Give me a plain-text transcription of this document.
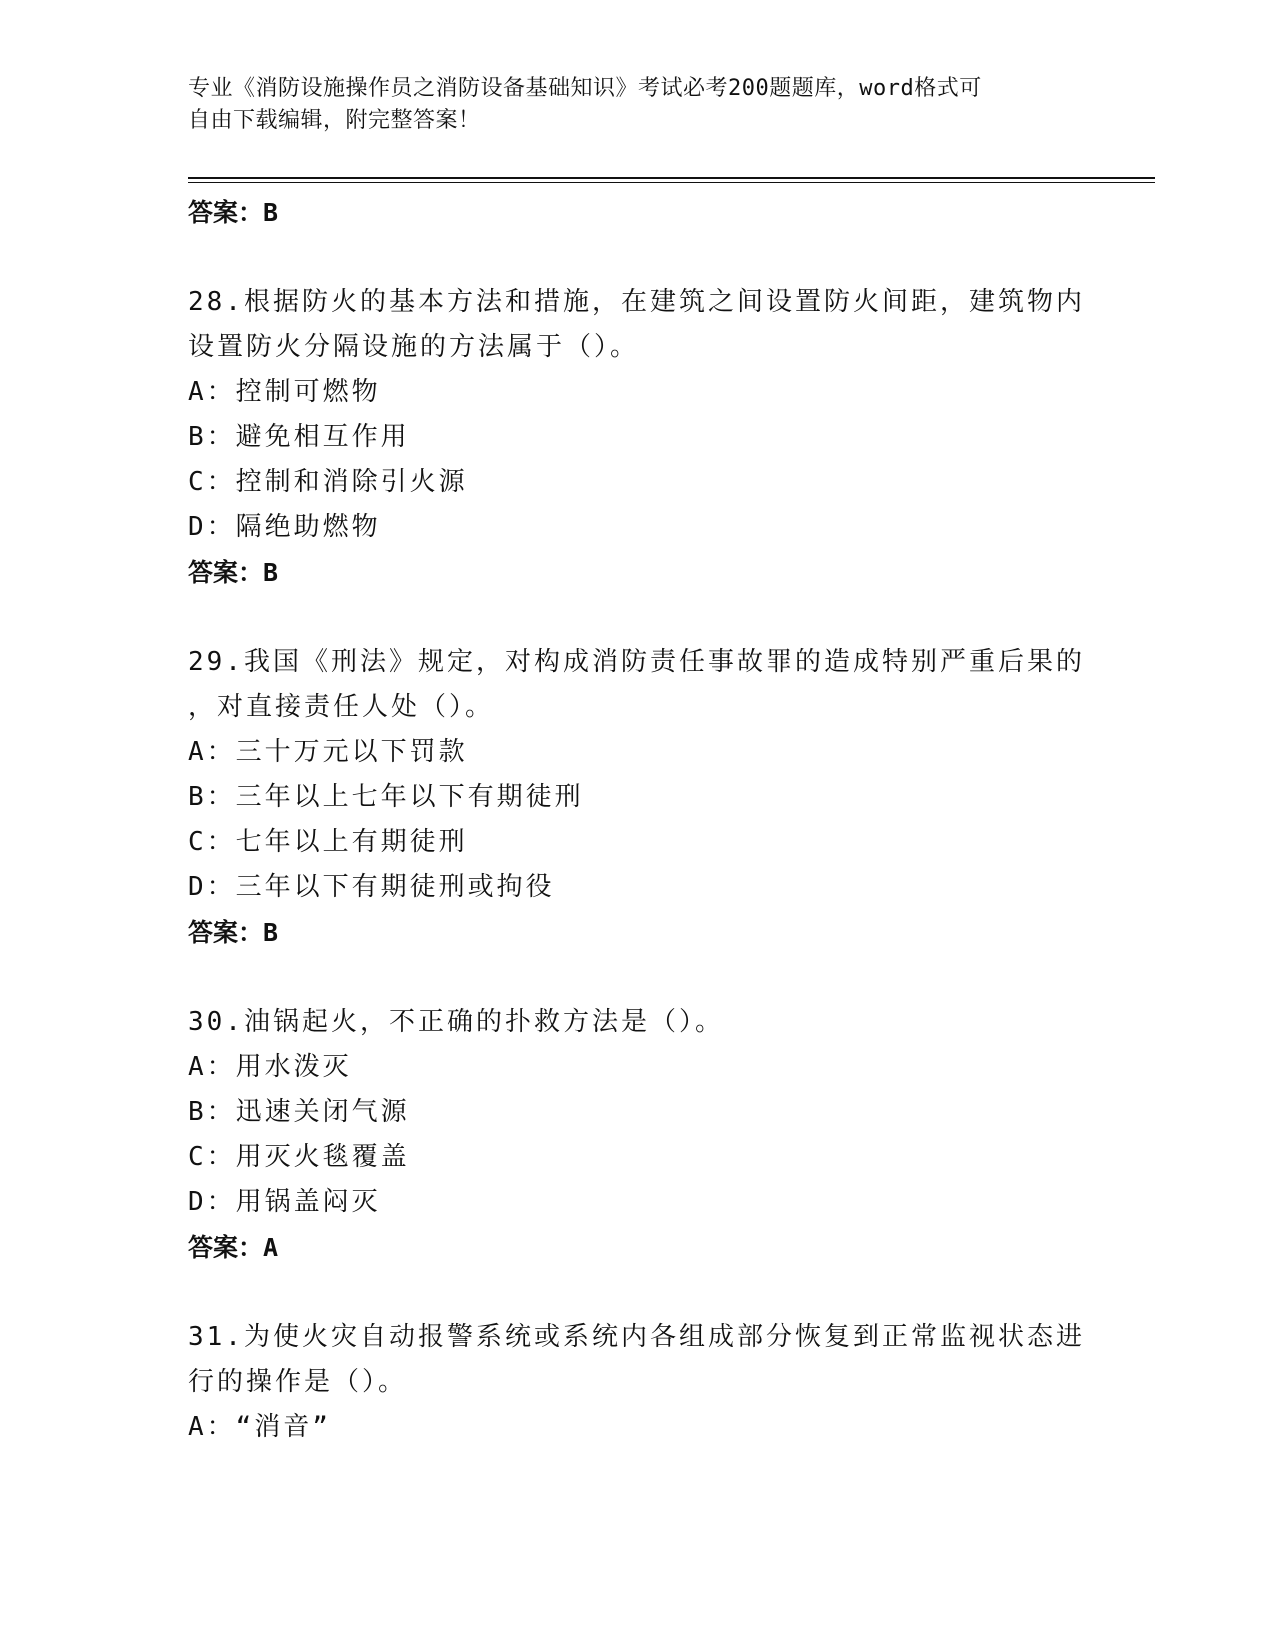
专业《消防设施操作员之消防设备基础知识》考试必考200题题库，word格式可
自由下载编辑，附完整答案！
答案：B
28.根据防火的基本方法和措施，在建筑之间设置防火间距，建筑物内
设置防火分隔设施的方法属于（）。
A：控制可燃物
B：避免相互作用
C：控制和消除引火源
D：隔绝助燃物
答案：B
29.我国《刑法》规定，对构成消防责任事故罪的造成特别严重后果的
，对直接责任人处（）。
A：三十万元以下罚款
B：三年以上七年以下有期徒刑
C：七年以上有期徒刑
D：三年以下有期徒刑或拘役
答案：B
30.油锅起火，不正确的扑救方法是（）。
A：用水泼灭
B：迅速关闭气源
C：用灭火毯覆盖
D：用锅盖闷灭
答案：A
31.为使火灾自动报警系统或系统内各组成部分恢复到正常监视状态进
行的操作是（）。
A：“消音”
